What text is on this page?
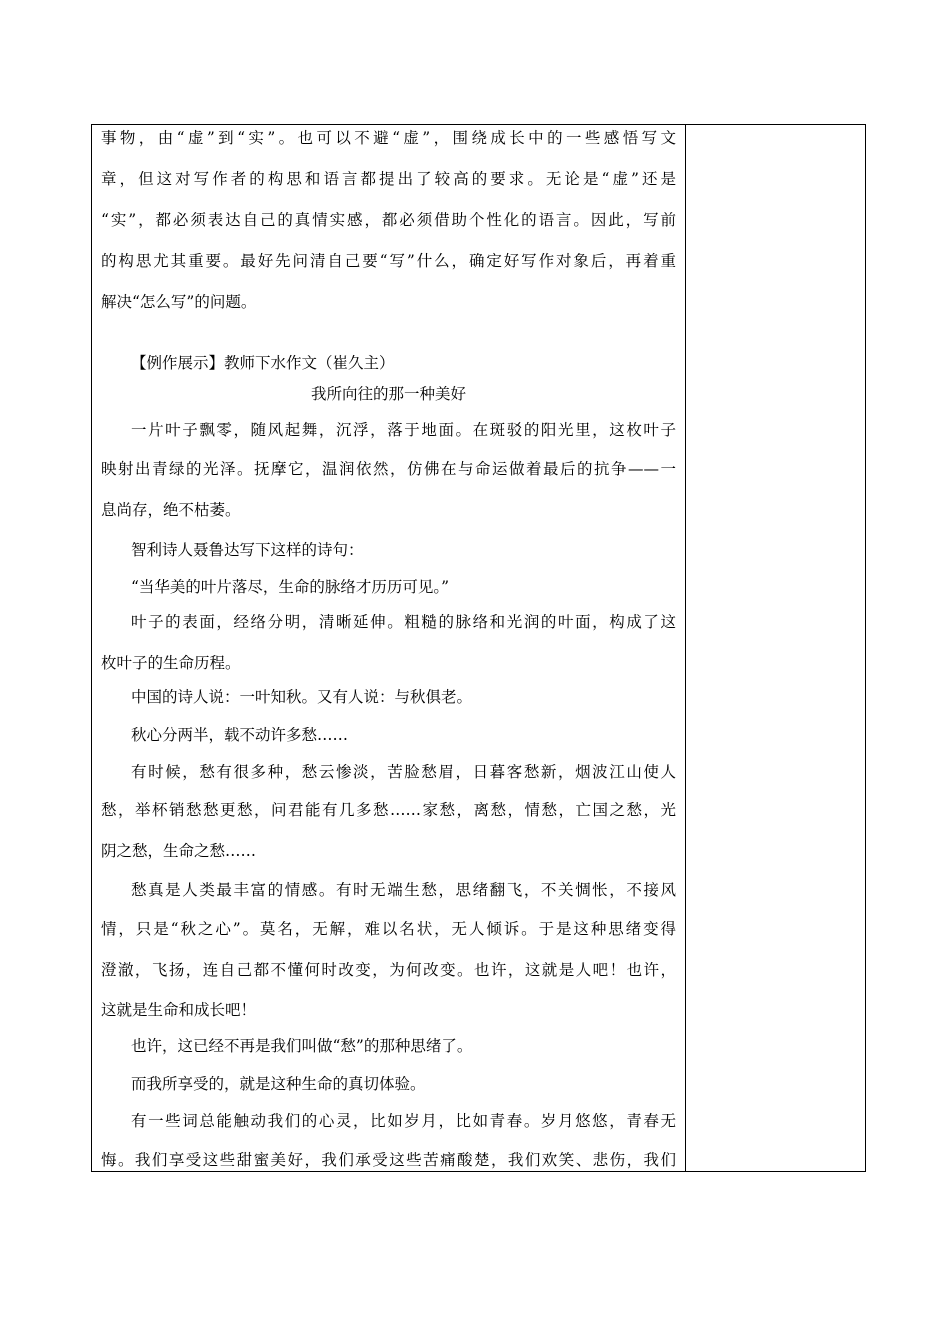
事物，由“虚”到“实”。也可以不避“虚”，围绕成长中的一些感悟写文
章，但这对写作者的构思和语言都提出了较高的要求。无论是“虚”还是
“实”，都必须表达自己的真情实感，都必须借助个性化的语言。因此，写前
的构思尤其重要。最好先问清自己要“写”什么，确定好写作对象后，再着重
解决“怎么写”的问题。
【例作展示】教师下水作文（崔久主）
我所向往的那一种美好
一片叶子飘零，随风起舞，沉浮，落于地面。在斑驳的阳光里，这枚叶子
映射出青绿的光泽。抚摩它，温润依然，仿佛在与命运做着最后的抗争——一
息尚存，绝不枯萎。
智利诗人聂鲁达写下这样的诗句：
“当华美的叶片落尽，生命的脉络才历历可见。”
叶子的表面，经络分明，清晰延伸。粗糙的脉络和光润的叶面，构成了这
枚叶子的生命历程。
中国的诗人说：一叶知秋。又有人说：与秋俱老。
秋心分两半，载不动许多愁……
有时候，愁有很多种，愁云惨淡，苦脸愁眉，日暮客愁新，烟波江山使人
愁，举杯销愁愁更愁，问君能有几多愁……家愁，离愁，情愁，亡国之愁，光
阴之愁，生命之愁……
愁真是人类最丰富的情感。有时无端生愁，思绪翻飞，不关惆怅，不接风
情，只是“秋之心”。莫名，无解，难以名状，无人倾诉。于是这种思绪变得
澄澈，飞扬，连自己都不懂何时改变，为何改变。也许，这就是人吧！也许，
这就是生命和成长吧！
也许，这已经不再是我们叫做“愁”的那种思绪了。
而我所享受的，就是这种生命的真切体验。
有一些词总能触动我们的心灵，比如岁月，比如青春。岁月悠悠，青春无
悔。我们享受这些甜蜜美好，我们承受这些苦痛酸楚，我们欢笑、悲伤，我们
